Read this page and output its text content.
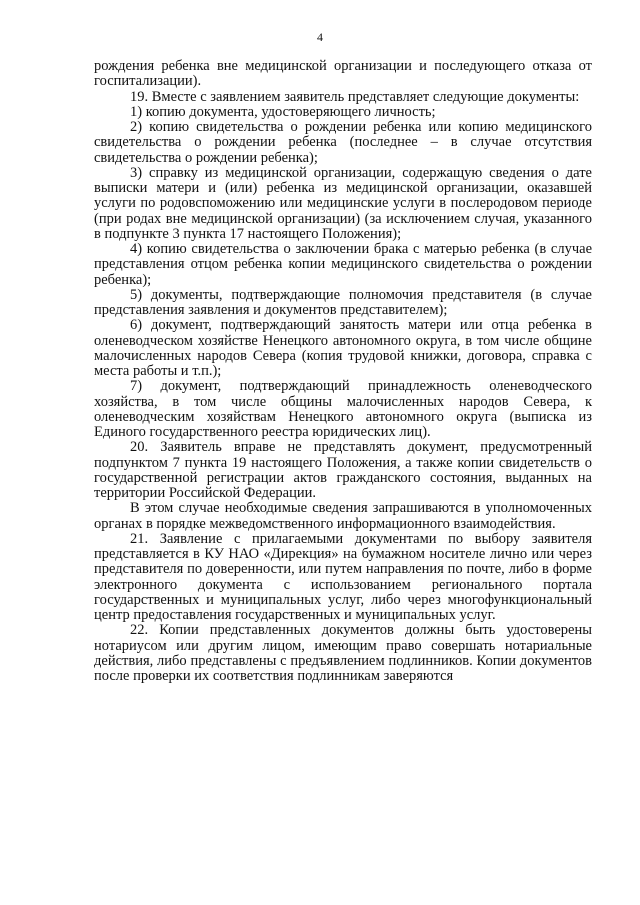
4

рождения ребенка вне медицинской организации и последующего отказа от госпитализации).

19. Вместе с заявлением заявитель представляет следующие документы:

1) копию документа, удостоверяющего личность;

2) копию свидетельства о рождении ребенка или копию медицинского свидетельства о рождении ребенка (последнее – в случае отсутствия свидетельства о рождении ребенка);

3) справку из медицинской организации, содержащую сведения о дате выписки матери и (или) ребенка из медицинской организации, оказавшей услуги по родовспоможению или медицинские услуги в послеродовом периоде (при родах вне медицинской организации) (за исключением случая, указанного в подпункте 3 пункта 17 настоящего Положения);

4) копию свидетельства о заключении брака с матерью ребенка (в случае представления отцом ребенка копии медицинского свидетельства о рождении ребенка);

5) документы, подтверждающие полномочия представителя (в случае представления заявления и документов представителем);

6) документ, подтверждающий занятость матери или отца ребенка в оленеводческом хозяйстве Ненецкого автономного округа, в том числе общине малочисленных народов Севера (копия трудовой книжки, договора, справка с места работы и т.п.);

7) документ, подтверждающий принадлежность оленеводческого хозяйства, в том числе общины малочисленных народов Севера, к оленеводческим хозяйствам Ненецкого автономного округа (выписка из Единого государственного реестра юридических лиц).

20. Заявитель вправе не представлять документ, предусмотренный подпунктом 7 пункта 19 настоящего Положения, а также копии свидетельств о государственной регистрации актов гражданского состояния, выданных на территории Российской Федерации.

В этом случае необходимые сведения запрашиваются в уполномоченных органах в порядке межведомственного информационного взаимодействия.

21. Заявление с прилагаемыми документами по выбору заявителя представляется в КУ НАО «Дирекция» на бумажном носителе лично или через представителя по доверенности, или путем направления по почте, либо в форме электронного документа с использованием регионального портала государственных и муниципальных услуг, либо через многофункциональный центр предоставления государственных и муниципальных услуг.

22. Копии представленных документов должны быть удостоверены нотариусом или другим лицом, имеющим право совершать нотариальные действия, либо представлены с предъявлением подлинников. Копии документов после проверки их соответствия подлинникам заверяются
